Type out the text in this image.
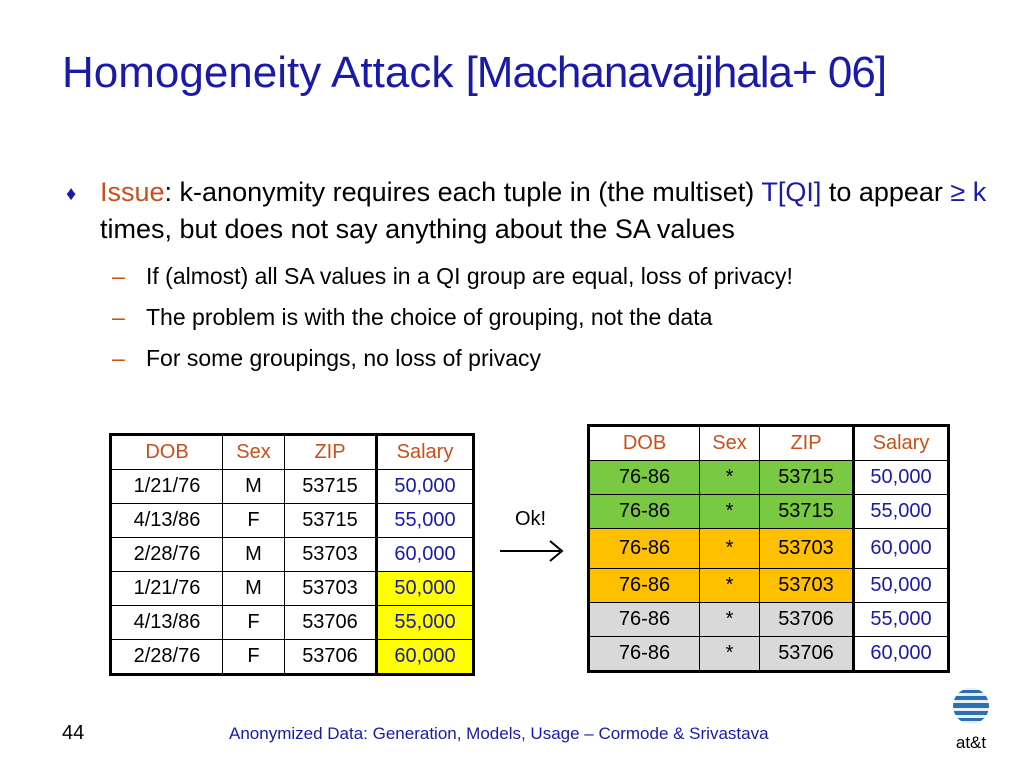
Homogeneity Attack [Machanavajjhala+ 06]
♦ Issue: k-anonymity requires each tuple in (the multiset) T[QI] to appear ≥ k times, but does not say anything about the SA values
– If (almost) all SA values in a QI group are equal, loss of privacy!
– The problem is with the choice of grouping, not the data
– For some groupings, no loss of privacy
DOB	Sex	ZIP	Salary
1/21/76	M	53715	50,000
4/13/86	F	53715	55,000
2/28/76	M	53703	60,000
1/21/76	M	53703	50,000
4/13/86	F	53706	55,000
2/28/76	F	53706	60,000
Ok!
DOB	Sex	ZIP	Salary
76-86	*	53715	50,000
76-86	*	53715	55,000
76-86	*	53703	60,000
76-86	*	53703	50,000
76-86	*	53706	55,000
76-86	*	53706	60,000
44	Anonymized Data: Generation, Models, Usage – Cormode & Srivastava	at&t
